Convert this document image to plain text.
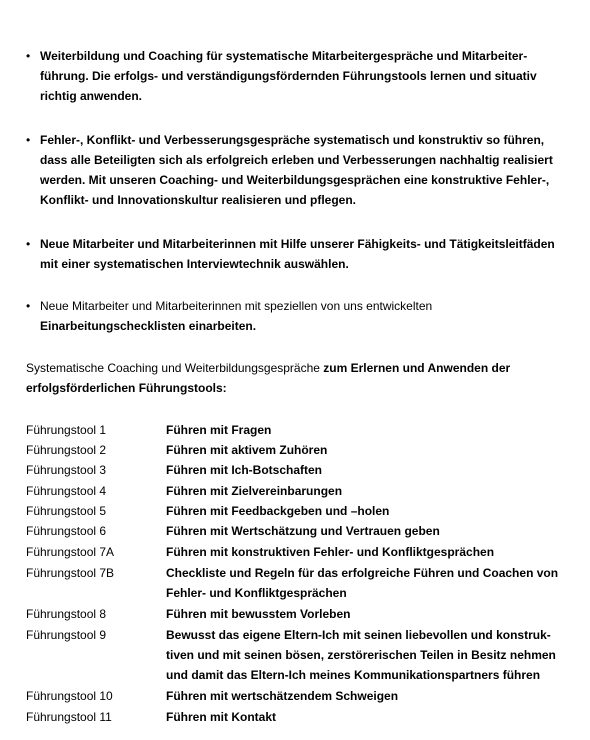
• Weiterbildung und Coaching für systematische Mitarbeitergespräche und Mitarbeiter-führung. Die erfolgs- und verständigungsfördernden Führungstools lernen und situativ richtig anwenden.
• Fehler-, Konflikt- und Verbesserungsgespräche systematisch und konstruktiv so führen, dass alle Beteiligten sich als erfolgreich erleben und Verbesserungen nachhaltig realisiert werden. Mit unseren Coaching- und Weiterbildungsgesprächen eine konstruktive Fehler-, Konflikt- und Innovationskultur realisieren und pflegen.
• Neue Mitarbeiter und Mitarbeiterinnen mit Hilfe unserer Fähigkeits- und Tätigkeitsleitfäden mit einer systematischen Interviewtechnik auswählen.
• Neue Mitarbeiter und Mitarbeiterinnen mit speziellen von uns entwickelten
Einarbeitungschecklisten einarbeiten.
Systematische Coaching und Weiterbildungsgespräche zum Erlernen und Anwenden der erfolgsförderlichen Führungstools:
Führungstool 1	Führen mit Fragen
Führungstool 2	Führen mit aktivem Zuhören
Führungstool 3	Führen mit Ich-Botschaften
Führungstool 4	Führen mit Zielvereinbarungen
Führungstool 5	Führen mit Feedbackgeben und –holen
Führungstool 6	Führen mit Wertschätzung und Vertrauen geben
Führungstool 7A	Führen mit konstruktiven Fehler- und Konfliktgesprächen
Führungstool 7B	Checkliste und Regeln für das erfolgreiche Führen und Coachen von Fehler- und Konfliktgesprächen
Führungstool 8	Führen mit bewusstem Vorleben
Führungstool 9	Bewusst das eigene Eltern-Ich mit seinen liebevollen und konstruk-tiven und mit seinen bösen, zerstörerischen Teilen in Besitz nehmen und damit das Eltern-Ich meines Kommunikationspartners führen
Führungstool 10	Führen mit wertschätzendem Schweigen
Führungstool 11	Führen mit Kontakt
